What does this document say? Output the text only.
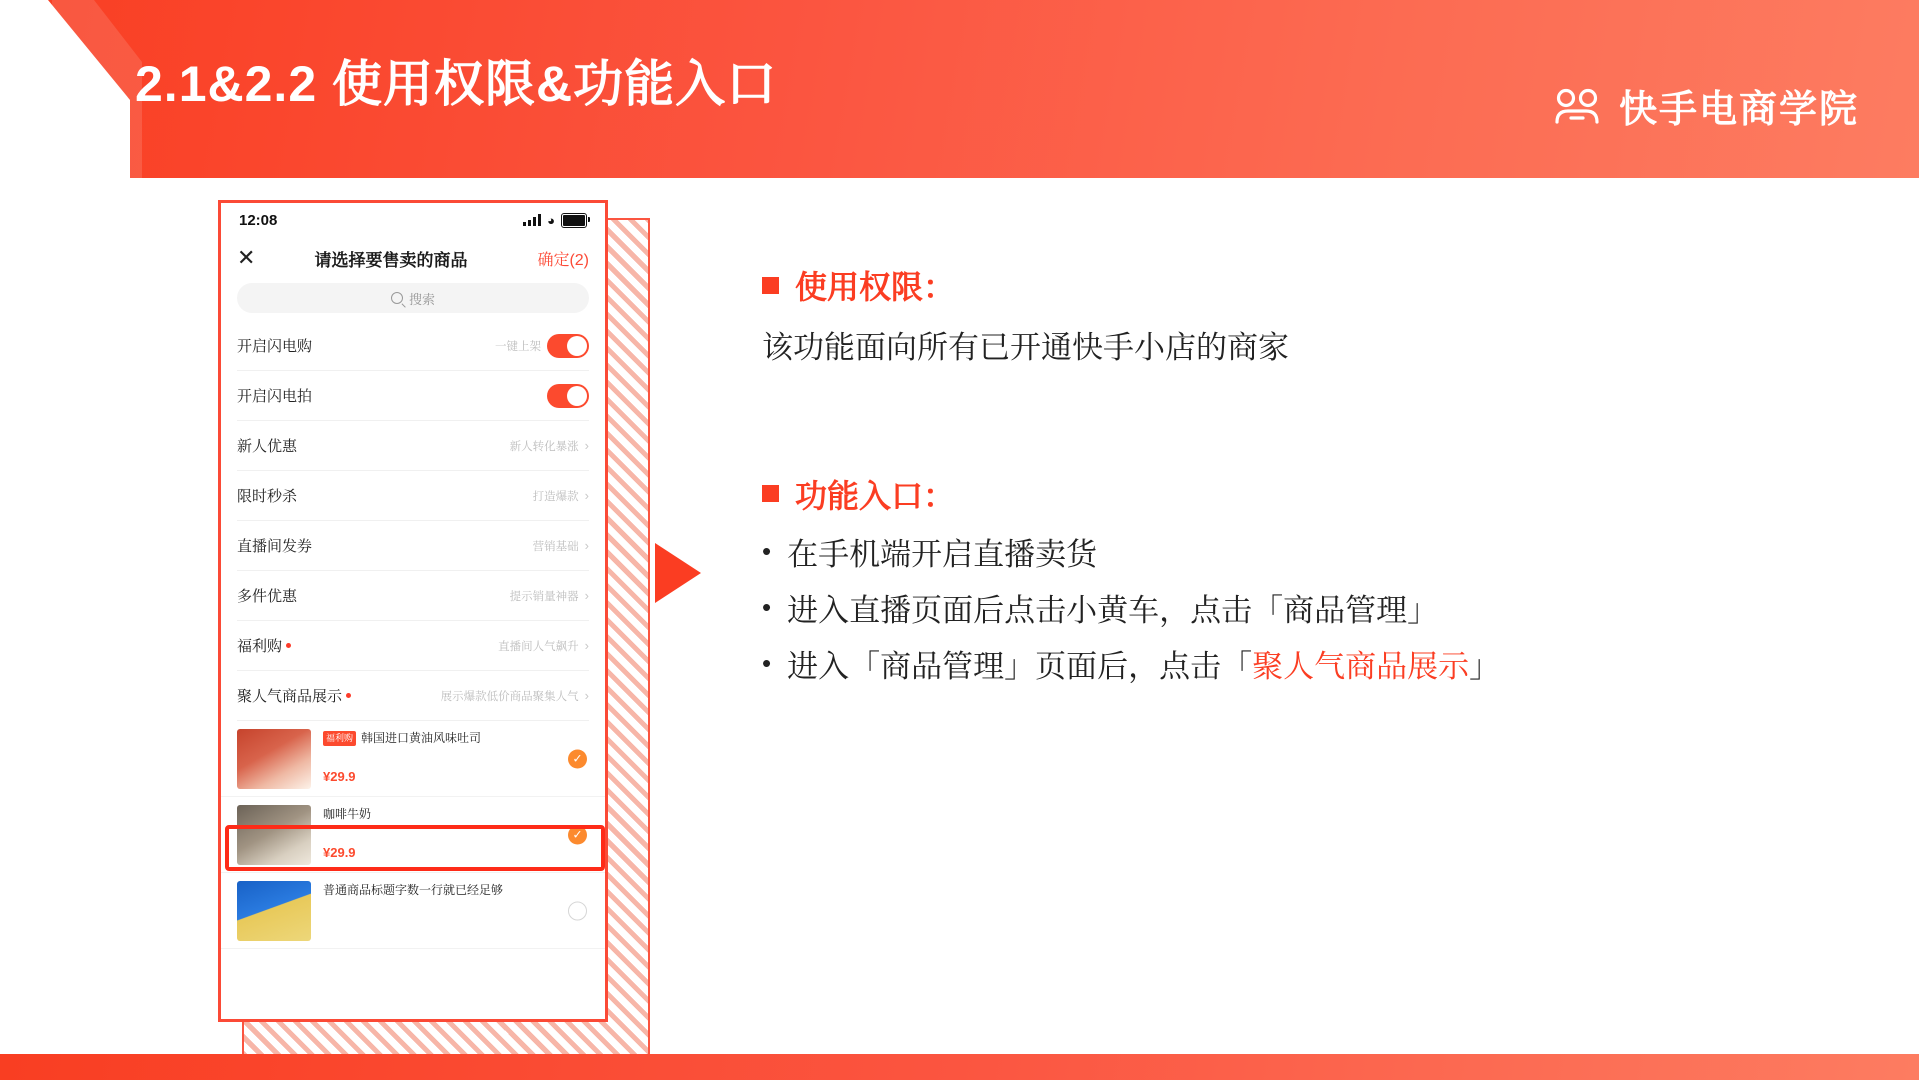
2.1&2.2 使用权限&功能入口	快手电商学院
12:08	◕
✕	请选择要售卖的商品	确定(2)
搜索
开启闪电购	一键上架
开启闪电拍
新人优惠	新人转化暴涨 ›
限时秒杀	打造爆款 ›
直播间发券	营销基础 ›
多件优惠	提示销量神器 ›
福利购	直播间人气飙升 ›
聚人气商品展示	展示爆款低价商品聚集人气 ›
福利购 韩国进口黄油风味吐司
¥29.9
✓
咖啡牛奶
¥29.9
✓
普通商品标题字数一行就已经足够
使用权限：

该功能面向所有已开通快手小店的商家

功能入口：
• 在手机端开启直播卖货
• 进入直播页面后点击小黄车，点击「商品管理」
• 进入「商品管理」页面后，点击「聚人气商品展示」
